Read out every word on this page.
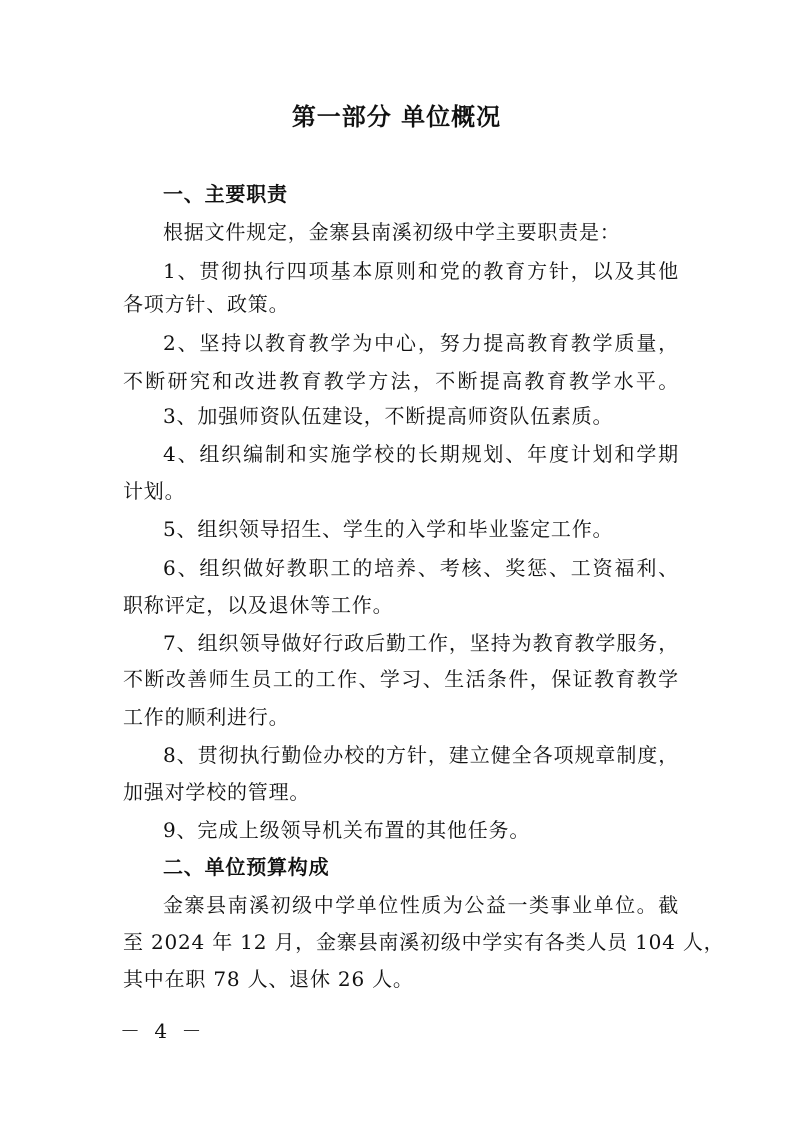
第一部分 单位概况
一、主要职责
根据文件规定，金寨县南溪初级中学主要职责是：
1、贯彻执行四项基本原则和党的教育方针，以及其他
各项方针、政策。
2、坚持以教育教学为中心，努力提高教育教学质量，
不断研究和改进教育教学方法，不断提高教育教学水平。
3、加强师资队伍建设，不断提高师资队伍素质。
4、组织编制和实施学校的长期规划、年度计划和学期
计划。
5、组织领导招生、学生的入学和毕业鉴定工作。
6、组织做好教职工的培养、考核、奖惩、工资福利、
职称评定，以及退休等工作。
7、组织领导做好行政后勤工作，坚持为教育教学服务，
不断改善师生员工的工作、学习、生活条件，保证教育教学
工作的顺利进行。
8、贯彻执行勤俭办校的方针，建立健全各项规章制度，
加强对学校的管理。
9、完成上级领导机关布置的其他任务。
二、单位预算构成
金寨县南溪初级中学单位性质为公益一类事业单位。截
至 2024 年 12 月，金寨县南溪初级中学实有各类人员 104 人，
其中在职 78 人、退休 26 人。
－ 4 －
